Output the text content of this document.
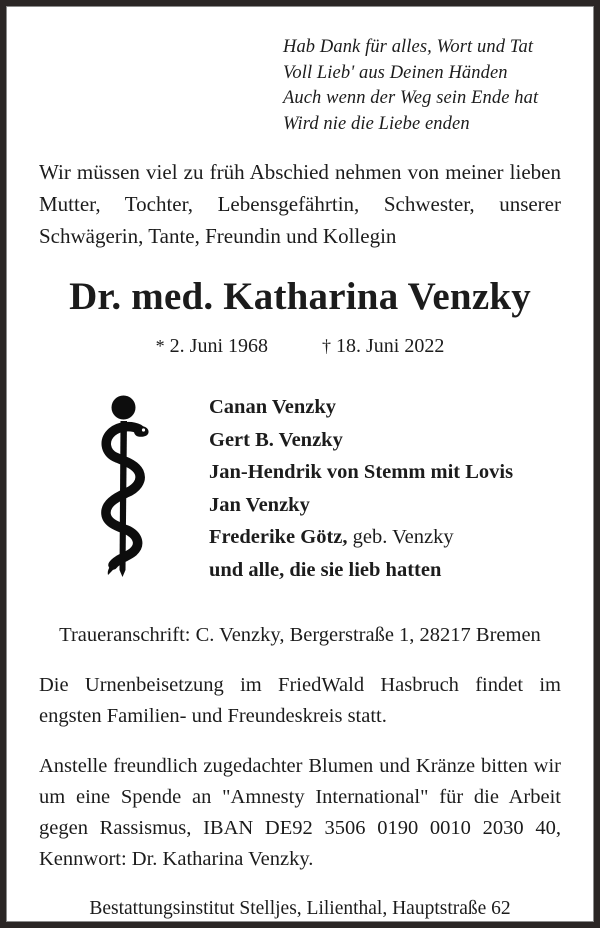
Hab Dank für alles, Wort und Tat
Voll Lieb' aus Deinen Händen
Auch wenn der Weg sein Ende hat
Wird nie die Liebe enden
Wir müssen viel zu früh Abschied nehmen von meiner lieben Mutter, Tochter, Lebensgefährtin, Schwester, unserer Schwägerin, Tante, Freundin und Kollegin
Dr. med. Katharina Venzky
* 2. Juni 1968	† 18. Juni 2022
Canan Venzky
Gert B. Venzky
Jan-Hendrik von Stemm mit Lovis
Jan Venzky
Frederike Götz, geb. Venzky
und alle, die sie lieb hatten
Traueranschrift: C. Venzky, Bergerstraße 1, 28217 Bremen
Die Urnenbeisetzung im FriedWald Hasbruch findet im engsten Familien- und Freundeskreis statt.
Anstelle freundlich zugedachter Blumen und Kränze bitten wir um eine Spende an "Amnesty International" für die Arbeit gegen Rassismus, IBAN DE92 3506 0190 0010 2030 40, Kennwort: Dr. Katharina Venzky.
Bestattungsinstitut Stelljes, Lilienthal, Hauptstraße 62
